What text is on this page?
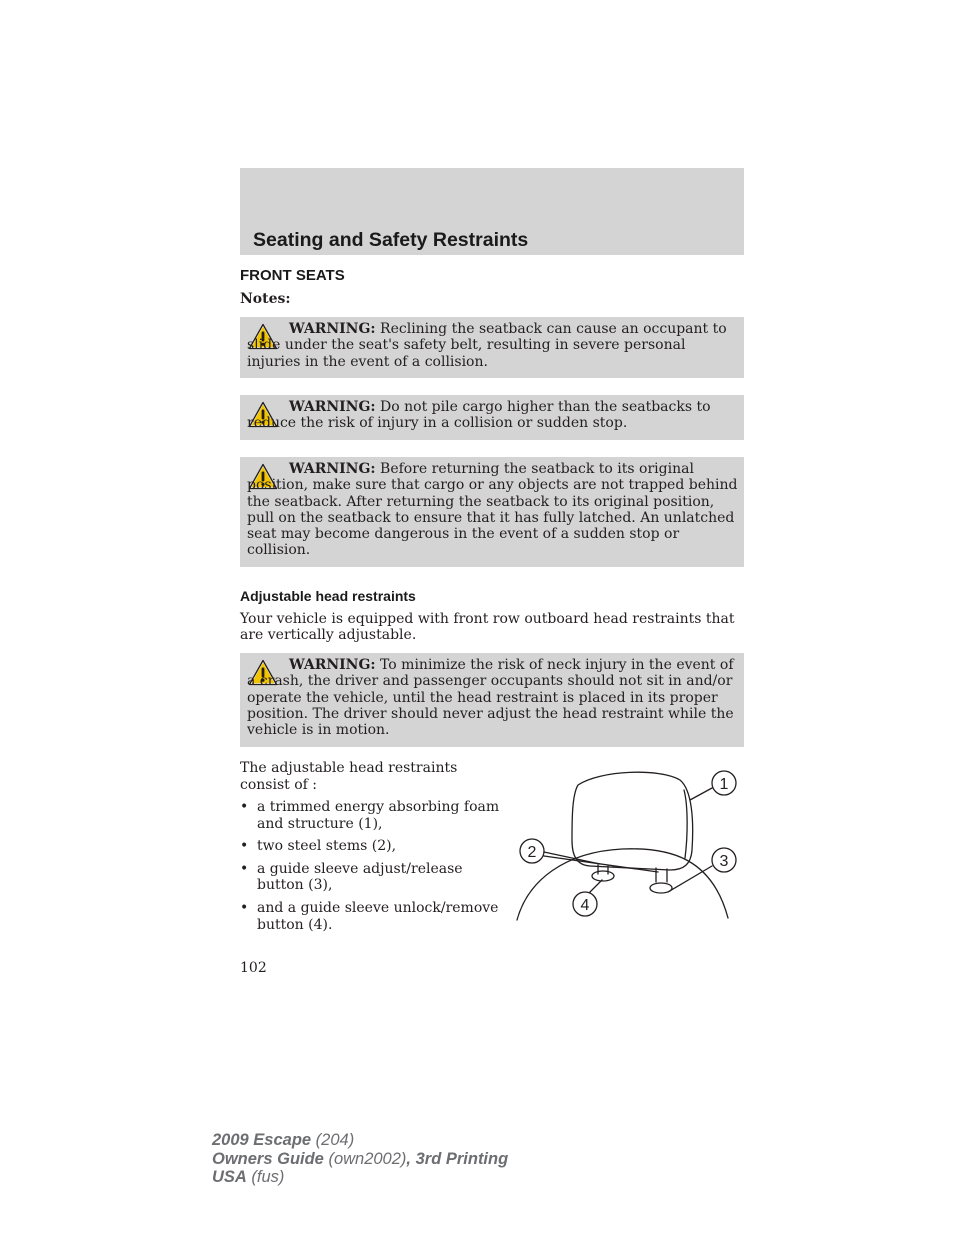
Seating and Safety Restraints
FRONT SEATS
Notes:

WARNING: Reclining the seatback can cause an occupant to slide under the seat's safety belt, resulting in severe personal injuries in the event of a collision.

WARNING: Do not pile cargo higher than the seatbacks to reduce the risk of injury in a collision or sudden stop.

WARNING: Before returning the seatback to its original position, make sure that cargo or any objects are not trapped behind the seatback. After returning the seatback to its original position, pull on the seatback to ensure that it has fully latched. An unlatched seat may become dangerous in the event of a sudden stop or collision.

Adjustable head restraints

Your vehicle is equipped with front row outboard head restraints that are vertically adjustable.

WARNING: To minimize the risk of neck injury in the event of a crash, the driver and passenger occupants should not sit in and/or operate the vehicle, until the head restraint is placed in its proper position. The driver should never adjust the head restraint while the vehicle is in motion.

The adjustable head restraints consist of :

• a trimmed energy absorbing foam and structure (1),
• two steel stems (2),
• a guide sleeve adjust/release button (3),
• and a guide sleeve unlock/remove button (4).
1
2
3
4
102
2009 Escape (204)
Owners Guide (own2002), 3rd Printing
USA (fus)
